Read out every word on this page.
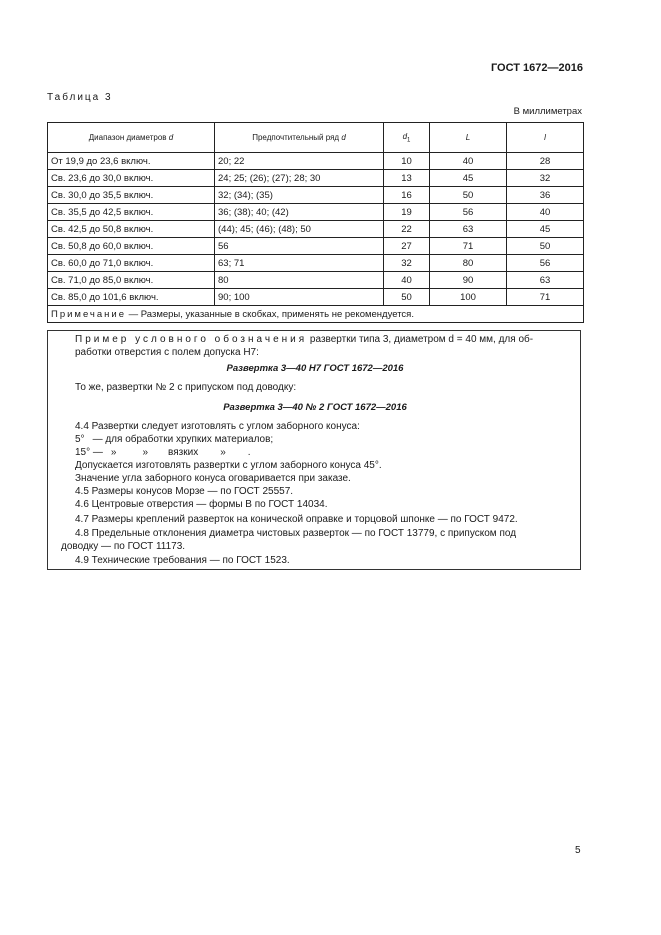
ГОСТ 1672—2016
Таблица 3
В миллиметрах
Диапазон диаметров d	Предпочтительный ряд d	$d_1$	L	l
От 19,9 до 23,6 включ.	20; 22	10	40	28
Св. 23,6 до 30,0 включ.	24; 25; (26); (27); 28; 30	13	45	32
Св. 30,0 до 35,5 включ.	32; (34); (35)	16	50	36
Св. 35,5 до 42,5 включ.	36; (38); 40; (42)	19	56	40
Св. 42,5 до 50,8 включ.	(44); 45; (46); (48); 50	22	63	45
Св. 50,8 до 60,0 включ.	56	27	71	50
Св. 60,0 до 71,0 включ.	63; 71	32	80	56
Св. 71,0 до 85,0 включ.	80	40	90	63
Св. 85,0 до 101,6 включ.	90; 100	50	100	71
Примечание — Размеры, указанные в скобках, применять не рекомендуется.				
Пример условного обозначения развертки типа 3, диаметром d = 40 мм, для об-
работки отверстия с полем допуска Н7:
Развертка 3—40 Н7 ГОСТ 1672—2016
То же, развертки № 2 с припуском под доводку:
Развертка 3—40 № 2 ГОСТ 1672—2016
4.4 Развертки следует изготовлять с углом заборного конуса:
5° — для обработки хрупких материалов;
15° — »	» вязких » .
Допускается изготовлять развертки с углом заборного конуса 45°.
Значение угла заборного конуса оговаривается при заказе.
4.5 Размеры конусов Морзе — по ГОСТ 25557.
4.6 Центровые отверстия — формы В по ГОСТ 14034.
4.7 Размеры креплений разверток на конической оправке и торцовой шпонке — по ГОСТ 9472.
4.8 Предельные отклонения диаметра чистовых разверток — по ГОСТ 13779, с припуском под
доводку — по ГОСТ 11173.
4.9 Технические требования — по ГОСТ 1523.
5
